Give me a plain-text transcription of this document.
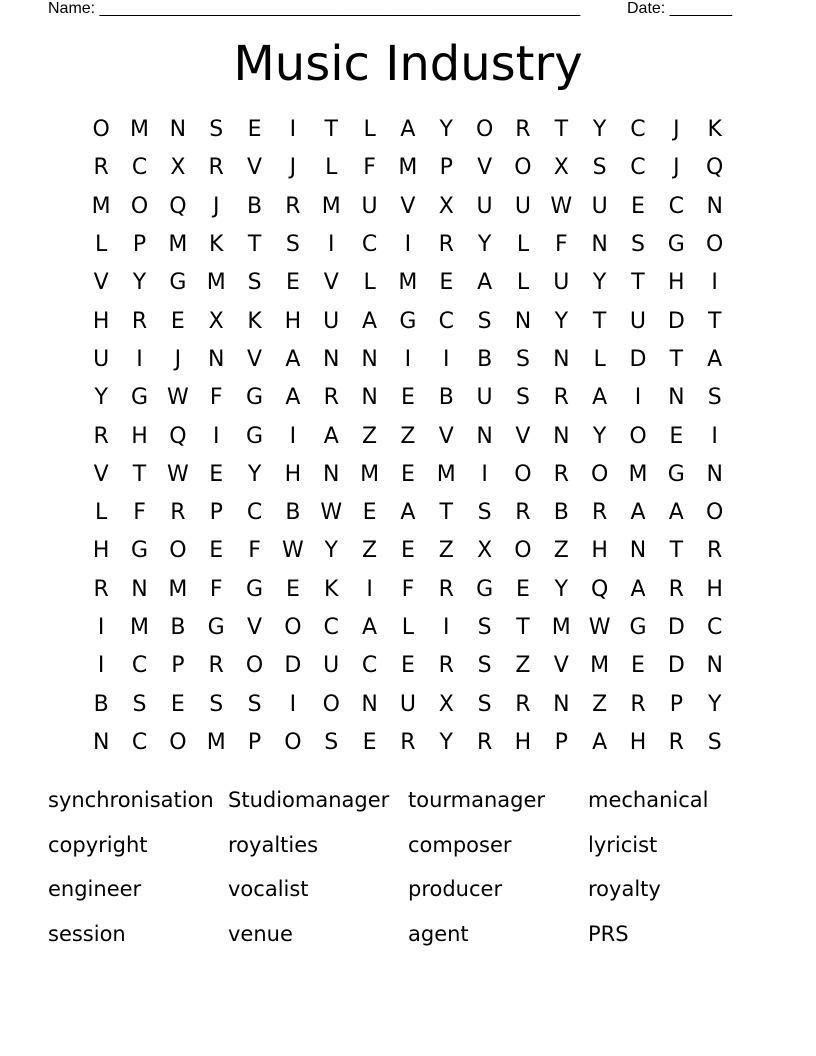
Name: ______________________________________________________	Date: _______
Music Industry
O M N	S	E	I	T	L	A	Y	O	R	T	Y	C	J	K
R	C	X	R	V	J	L	F	M	P	V	O	X	S	C	J	Q
M O Q	J	B	R M U	V	X	U	U W U	E	C	N
L	P	M K	T	S	I	C	I	R	Y	L	F	N	S	G O
V	Y	G M S	E	V	L	M E	A	L	U	Y	T	H	I
H	R	E	X	K	H	U	A	G	C	S	N	Y	T	U D	T
U	I	J	N	V	A	N N	I	I	B	S	N	L	D	T	A
Y	G W F	G	A	R	N	E	B	U	S	R	A	I	N	S
R	H Q	I	G	I	A	Z	Z	V	N	V	N	Y	O	E	I
V	T W E	Y	H N M E M	I	O	R	O M G N
L	F	R	P	C	B W E	A	T	S	R	B	R	A	A	O
H G O	E	F W Y	Z	E	Z	X	O	Z	H N	T	R
R	N M	F	G	E	K	I	F	R	G	E	Y	Q	A	R	H
I	M B	G	V	O	C	A	L	I	S	T	M W G D	C
I	C	P	R	O D U	C	E	R	S	Z	V M E	D N
B	S	E	S	S	I	O N	U	X	S	R	N	Z	R	P	Y
N	C O M	P	O	S	E	R	Y	R	H	P	A	H	R	S
synchronisation Studiomanager tourmanager	mechanical
copyright	royalties	composer	lyricist
engineer	vocalist	producer	royalty
session	venue	agent	PRS
